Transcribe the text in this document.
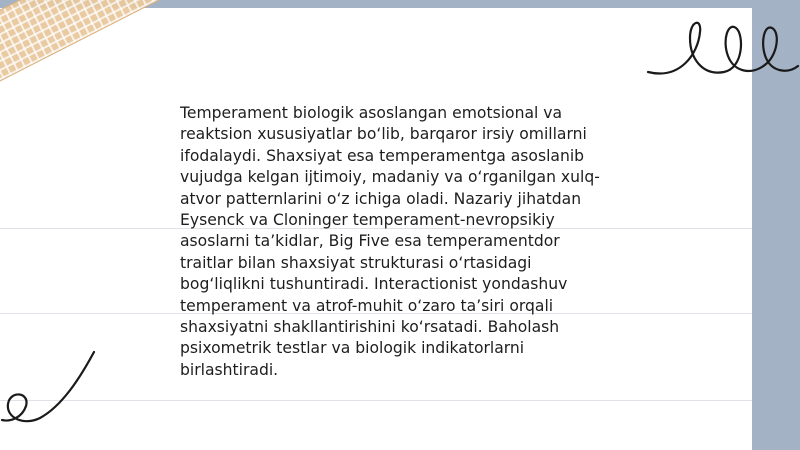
Temperament biologik asoslangan emotsional va
reaktsion xususiyatlar bo‘lib, barqaror irsiy omillarni
ifodalaydi. Shaxsiyat esa temperamentga asoslanib
vujudga kelgan ijtimoiy, madaniy va o‘rganilgan xulq-
atvor patternlarini o‘z ichiga oladi. Nazariy jihatdan
Eysenck va Cloninger temperament-nevropsikiy
asoslarni ta’kidlar, Big Five esa temperamentdor
traitlar bilan shaxsiyat strukturasi o‘rtasidagi
bog‘liqlikni tushuntiradi. Interactionist yondashuv
temperament va atrof-muhit o‘zaro ta’siri orqali
shaxsiyatni shakllantirishini ko‘rsatadi. Baholash
psixometrik testlar va biologik indikatorlarni
birlashtiradi.
